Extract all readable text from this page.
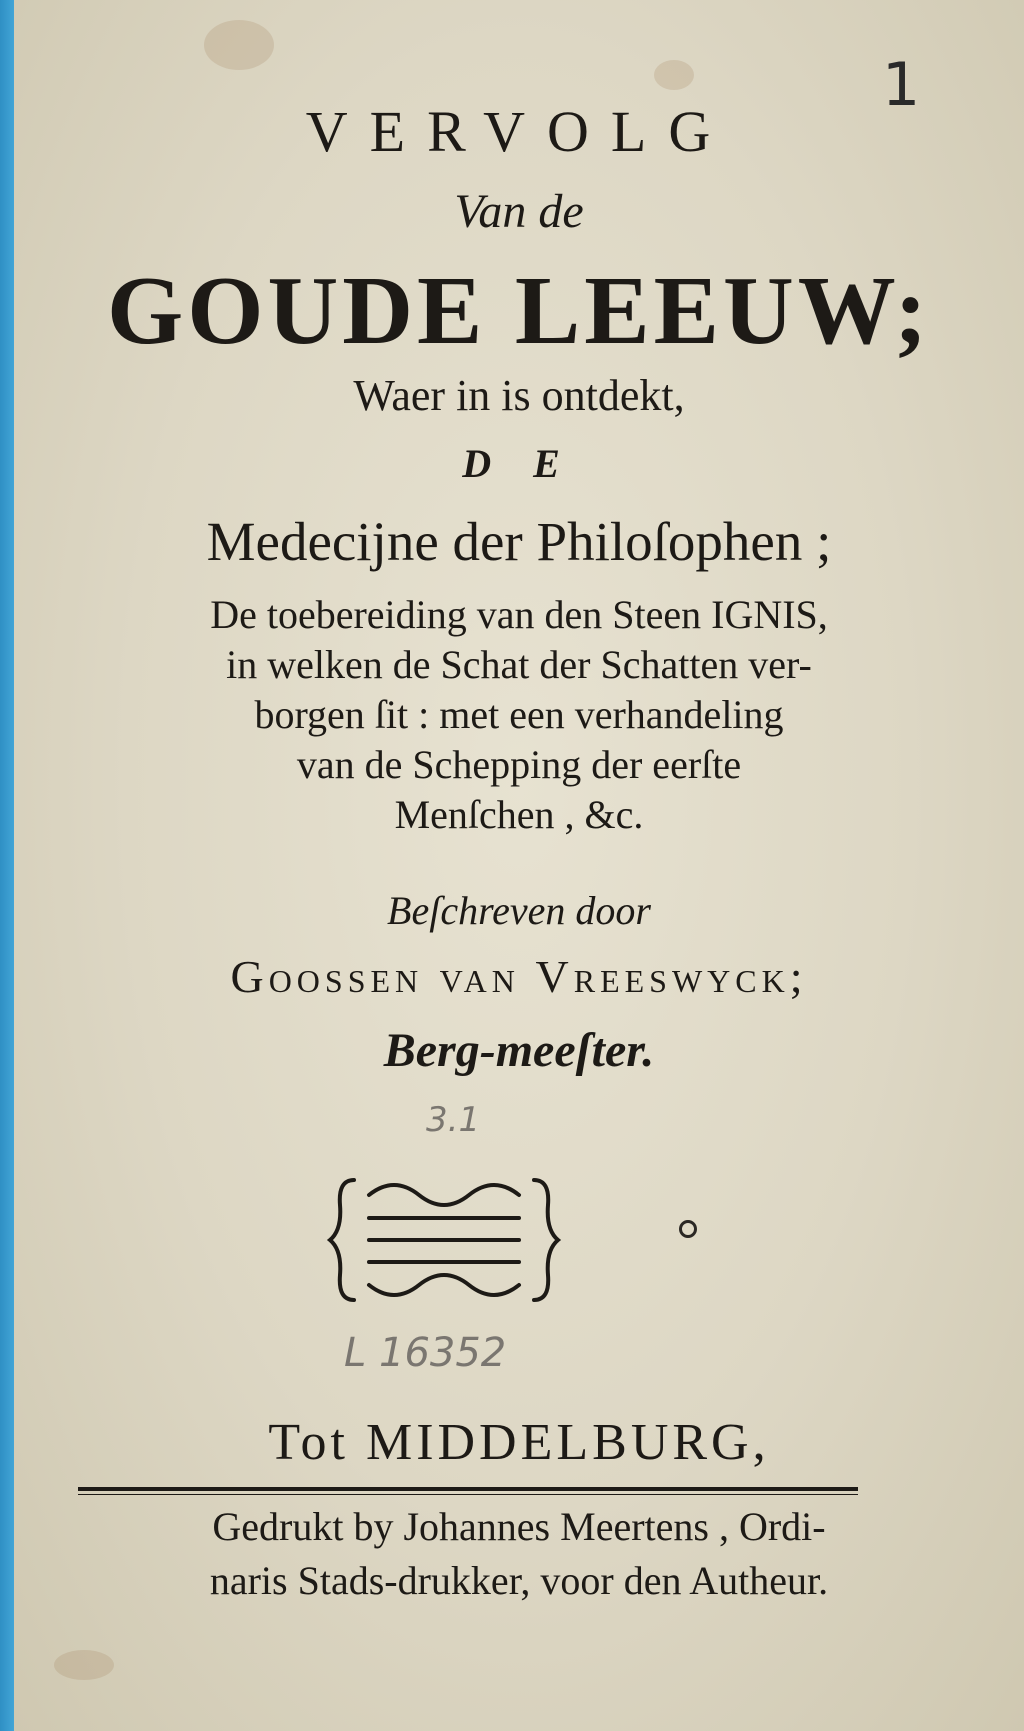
VERVOLG
Van de
GOUDE LEEUW;
Waer in is ontdekt,
D E
Medecijne der Philoſophen ;
De toebereiding van den Steen IGNIS,
in welken de Schat der Schatten ver-
borgen ſit : met een verhandeling
van de Schepping der eerſte
Menſchen , &c.
Beſchreven door
Goossen van Vreeswyck;
Berg-meeſter.
1
3.1
L 16352
Tot MIDDELBURG,
Gedrukt by Johannes Meertens , Ordi-
naris Stads-drukker, voor den Autheur.
